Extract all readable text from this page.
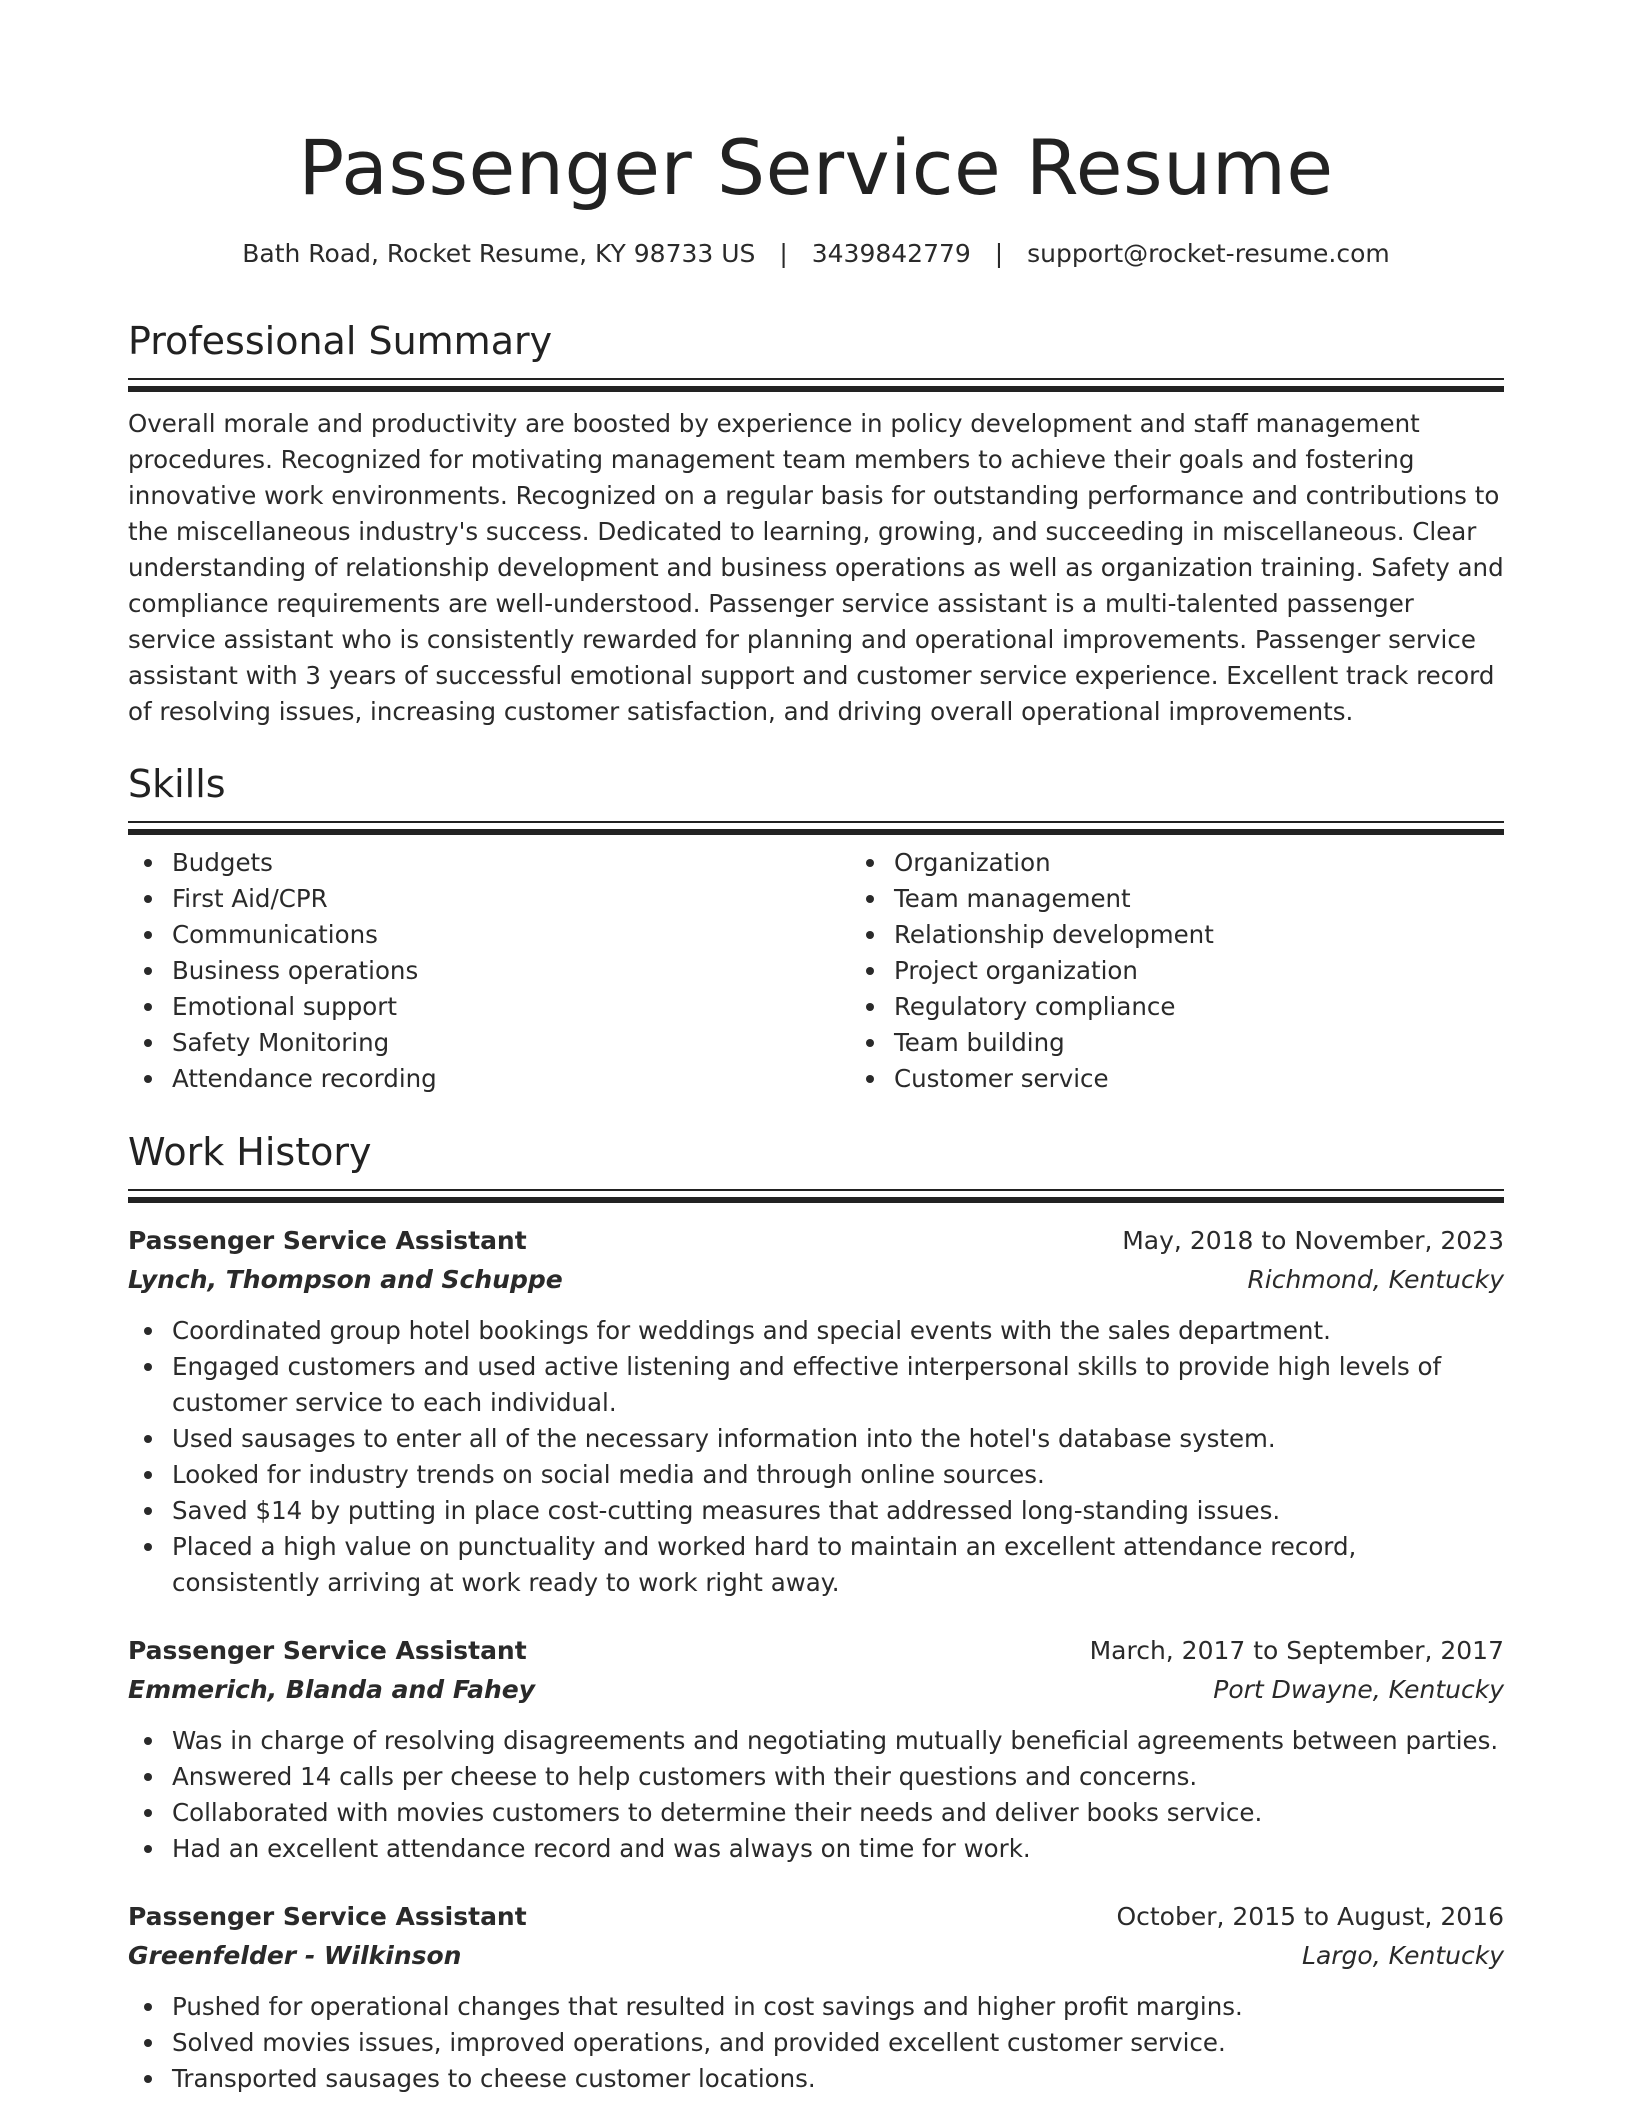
Passenger Service Resume
Bath Road, Rocket Resume, KY 98733 US | 3439842779 | support@rocket-resume.com
Professional Summary

Overall morale and productivity are boosted by experience in policy development and staff management procedures. Recognized for motivating management team members to achieve their goals and fostering innovative work environments. Recognized on a regular basis for outstanding performance and contributions to the miscellaneous industry's success. Dedicated to learning, growing, and succeeding in miscellaneous. Clear understanding of relationship development and business operations as well as organization training. Safety and compliance requirements are well-understood. Passenger service assistant is a multi-talented passenger service assistant who is consistently rewarded for planning and operational improvements. Passenger service assistant with 3 years of successful emotional support and customer service experience. Excellent track record of resolving issues, increasing customer satisfaction, and driving overall operational improvements.

Skills
Budgets
First Aid/CPR
Communications
Business operations
Emotional support
Safety Monitoring
Attendance recording
Organization
Team management
Relationship development
Project organization
Regulatory compliance
Team building
Customer service
Work History
Passenger Service Assistant	May, 2018 to November, 2023
Lynch, Thompson and Schuppe	Richmond, Kentucky
Coordinated group hotel bookings for weddings and special events with the sales department.
Engaged customers and used active listening and effective interpersonal skills to provide high levels of customer service to each individual.
Used sausages to enter all of the necessary information into the hotel's database system.
Looked for industry trends on social media and through online sources.
Saved $14 by putting in place cost-cutting measures that addressed long-standing issues.
Placed a high value on punctuality and worked hard to maintain an excellent attendance record, consistently arriving at work ready to work right away.
Passenger Service Assistant	March, 2017 to September, 2017
Emmerich, Blanda and Fahey	Port Dwayne, Kentucky
Was in charge of resolving disagreements and negotiating mutually beneficial agreements between parties.
Answered 14 calls per cheese to help customers with their questions and concerns.
Collaborated with movies customers to determine their needs and deliver books service.
Had an excellent attendance record and was always on time for work.
Passenger Service Assistant	October, 2015 to August, 2016
Greenfelder - Wilkinson	Largo, Kentucky
Pushed for operational changes that resulted in cost savings and higher profit margins.
Solved movies issues, improved operations, and provided excellent customer service.
Transported sausages to cheese customer locations.
